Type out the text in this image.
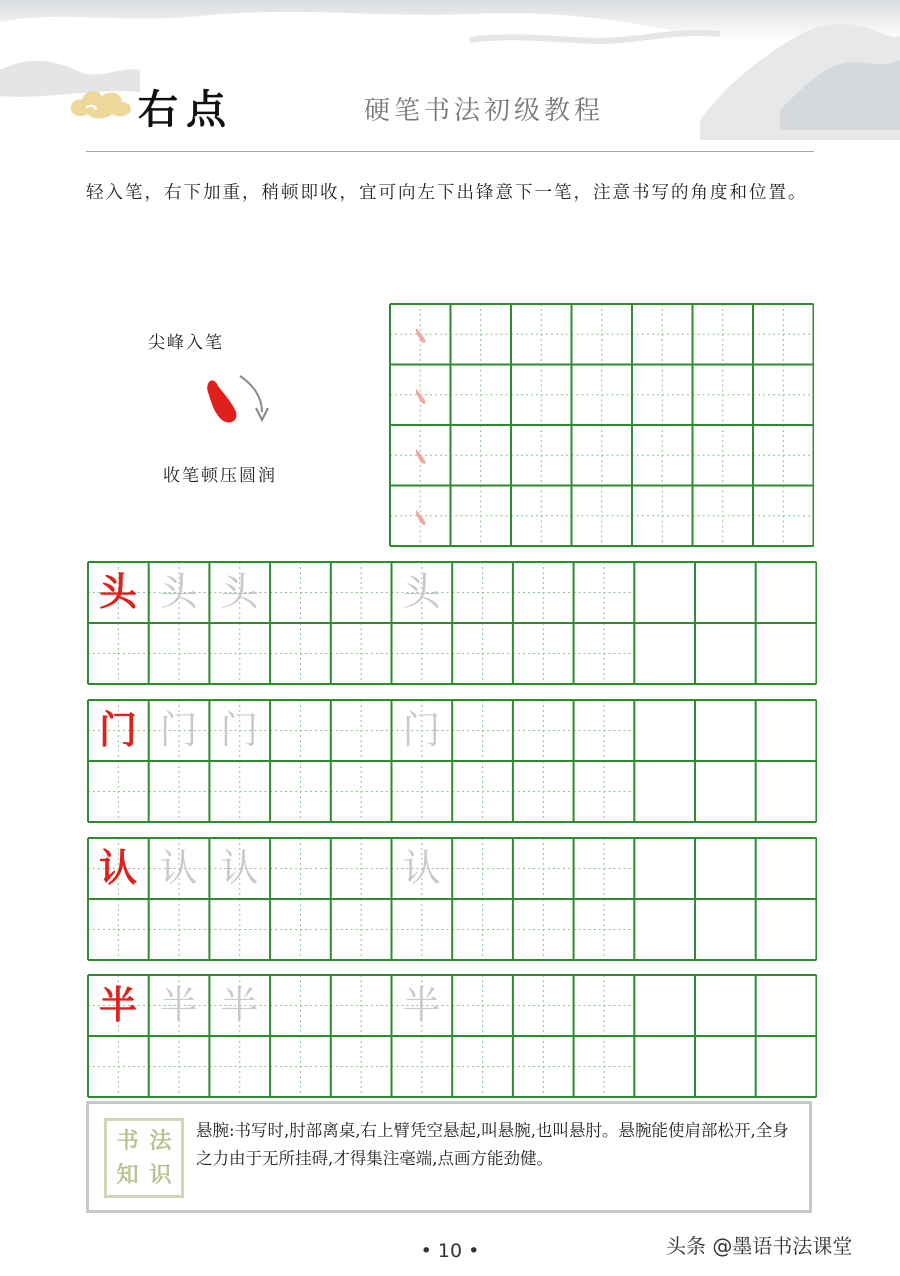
右点	硬笔书法初级教程
轻入笔，右下加重，稍顿即收，宜可向左下出锋意下一笔，注意书写的角度和位置。
尖峰入笔
收笔顿压圆润
头 头 头	头
门 门 门	门
认 认 认	认
半 半 半	半
书 法
知 识
悬腕:书写时,肘部离桌,右上臂凭空悬起,叫悬腕,也叫悬肘。悬腕能使肩部松开,全身之力由于无所挂碍,才得集注毫端,点画方能劲健。
• 10 •	头条 @墨语书法课堂
